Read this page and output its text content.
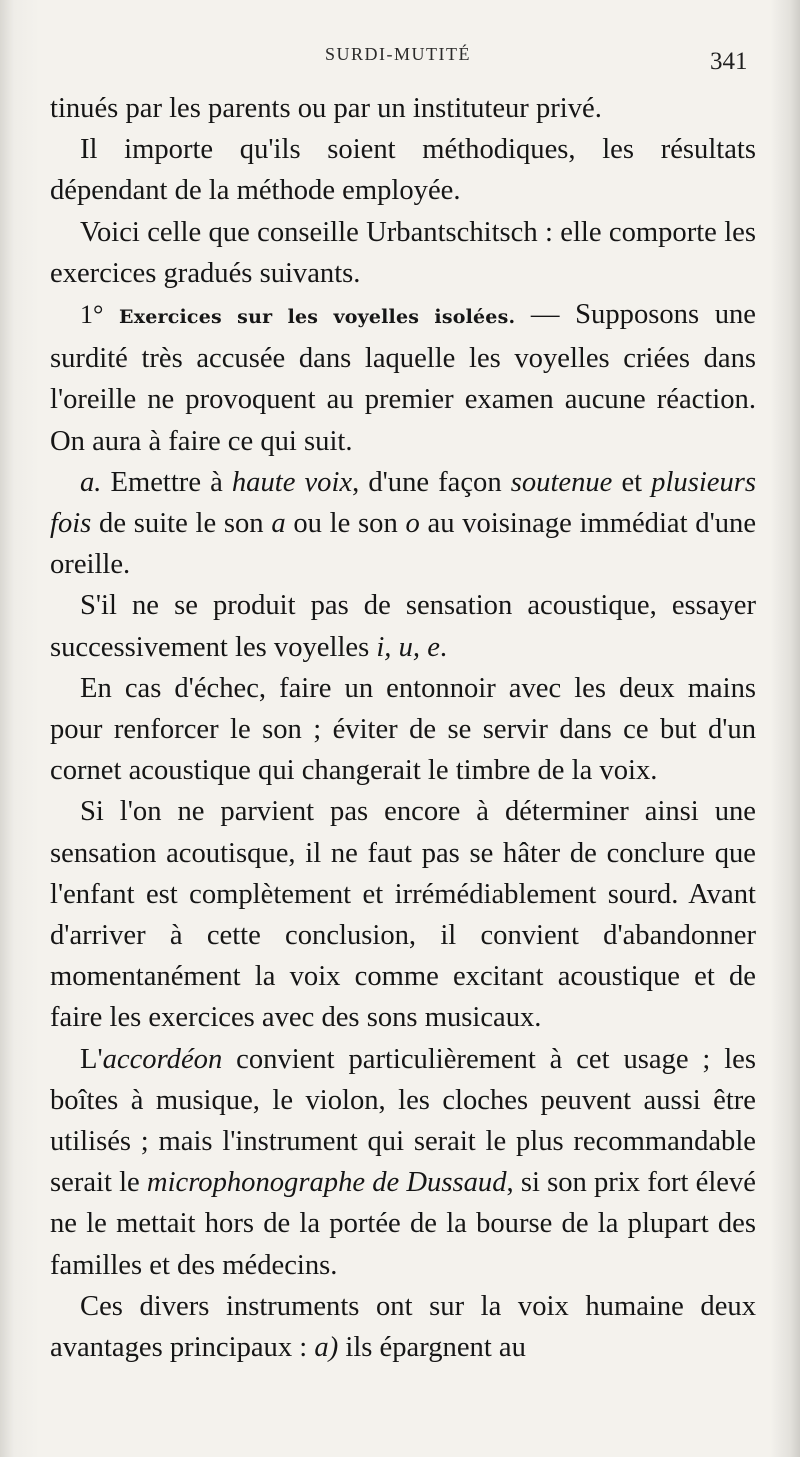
SURDI-MUTITÉ	341

tinués par les parents ou par un instituteur privé.

Il importe qu'ils soient méthodiques, les résultats dépendant de la méthode employée.

Voici celle que conseille Urbantschitsch : elle comporte les exercices gradués suivants.

1° Exercices sur les voyelles isolées. — Supposons une surdité très accusée dans laquelle les voyelles criées dans l'oreille ne provoquent au premier examen aucune réaction. On aura à faire ce qui suit.

a. Emettre à haute voix, d'une façon soutenue et plusieurs fois de suite le son a ou le son o au voisinage immédiat d'une oreille.

S'il ne se produit pas de sensation acoustique, essayer successivement les voyelles i, u, e.

En cas d'échec, faire un entonnoir avec les deux mains pour renforcer le son ; éviter de se servir dans ce but d'un cornet acoustique qui changerait le timbre de la voix.

Si l'on ne parvient pas encore à déterminer ainsi une sensation acoutisque, il ne faut pas se hâter de conclure que l'enfant est complètement et irrémédiablement sourd. Avant d'arriver à cette conclusion, il convient d'abandonner momentanément la voix comme excitant acoustique et de faire les exercices avec des sons musicaux.

L'accordéon convient particulièrement à cet usage ; les boîtes à musique, le violon, les cloches peuvent aussi être utilisés ; mais l'instrument qui serait le plus recommandable serait le microphonographe de Dussaud, si son prix fort élevé ne le mettait hors de la portée de la bourse de la plupart des familles et des médecins.

Ces divers instruments ont sur la voix humaine deux avantages principaux : a) ils épargnent au
